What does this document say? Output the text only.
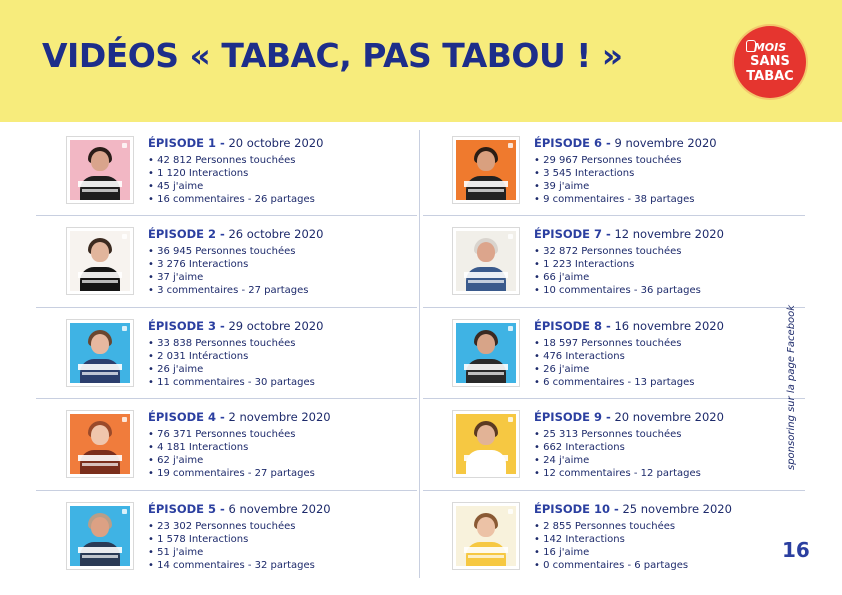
VIDÉOS « TABAC, PAS TABOU ! »	MOIS
SANS
TABAC
ÉPISODE 1 - 20 octobre 2020
• 42 812 Personnes touchées
• 1 120 Interactions
• 45 j'aime
• 16 commentaires - 26 partages
ÉPISODE 2 - 26 octobre 2020
• 36 945 Personnes touchées
• 3 276 Interactions
• 37 j'aime
• 3 commentaires - 27 partages
ÉPISODE 3 - 29 octobre 2020
• 33 838 Personnes touchées
• 2 031 Intéractions
• 26 j'aime
• 11 commentaires - 30 partages
ÉPISODE 4 - 2 novembre 2020
• 76 371 Personnes touchées
• 4 181 Interactions
• 62 j'aime
• 19 commentaires - 27 partages
ÉPISODE 5 - 6 novembre 2020
• 23 302 Personnes touchées
• 1 578 Interactions
• 51 j'aime
• 14 commentaires - 32 partages
ÉPISODE 6 - 9 novembre 2020
• 29 967 Personnes touchées
• 3 545 Interactions
• 39 j'aime
• 9 commentaires - 38 partages
ÉPISODE 7 - 12 novembre 2020
• 32 872 Personnes touchées
• 1 223 Interactions
• 66 j'aime
• 10 commentaires - 36 partages
ÉPISODE 8 - 16 novembre 2020
• 18 597 Personnes touchées
• 476 Interactions
• 26 j'aime
• 6 commentaires - 13 partages
ÉPISODE 9 - 20 novembre 2020
• 25 313 Personnes touchées
• 662 Interactions
• 24 j'aime
• 12 commentaires - 12 partages
ÉPISODE 10 - 25 novembre 2020
• 2 855 Personnes touchées
• 142 Interactions
• 16 j'aime
• 0 commentaires - 6 partages
sponsoring sur la page Facebook
16
